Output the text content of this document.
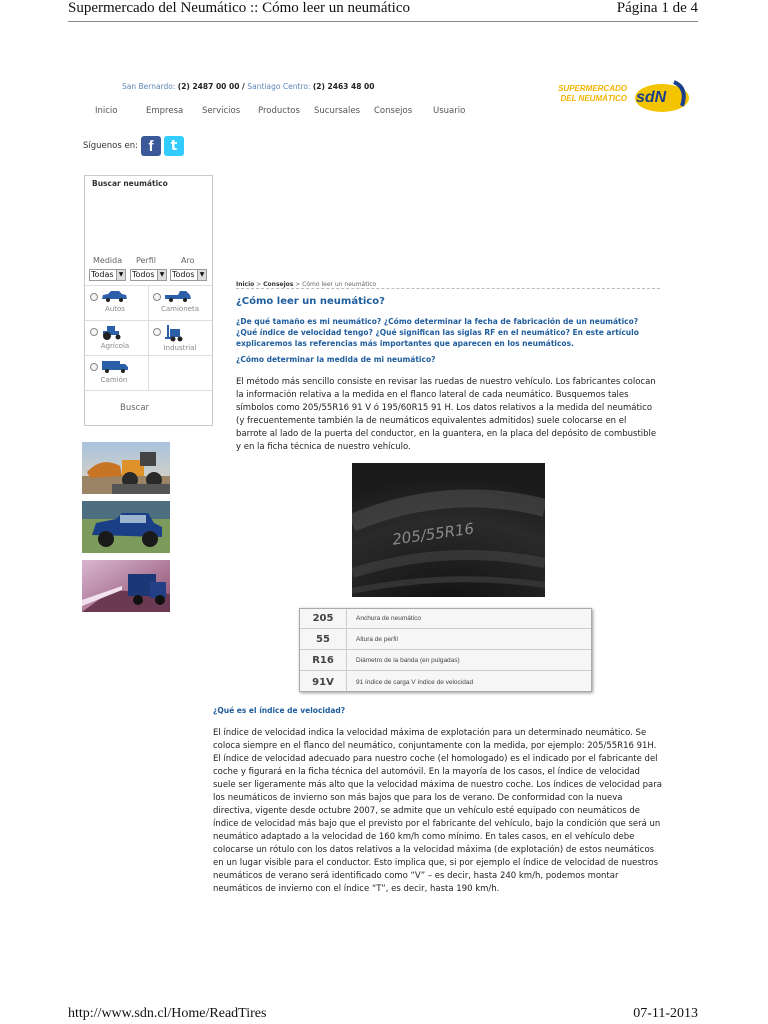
Supermercado del Neumático :: Cómo leer un neumático	Página 1 de 4
http://www.sdn.cl/Home/ReadTires	07-11-2013
San Bernardo: (2) 2487 00 00 / Santiago Centro: (2) 2463 48 00
Inicio	Empresa	Servicios	Productos	Sucursales	Consejos	Usuario
SUPERMERCADO
DEL NEUMÁTICO sdN
Síguenos en: f	t
Buscar neumático
Medida Perfil	Aro
Todas ▼ Todos ▼ Todos ▼
Autos	Camioneta
Agrícola	Industrial
Camión
Buscar
Inicio > Consejos > Cómo leer un neumático
¿Cómo leer un neumático?
¿De qué tamaño es mi neumático? ¿Cómo determinar la fecha de fabricación de un neumático? ¿Qué índice de velocidad tengo? ¿Qué significan las siglas RF en el neumático? En este artículo explicaremos las referencias más importantes que aparecen en los neumáticos.
¿Cómo determinar la medida de mi neumático?
El método más sencillo consiste en revisar las ruedas de nuestro vehículo. Los fabricantes colocan la información relativa a la medida en el flanco lateral de cada neumático. Busquemos tales símbolos como 205/55R16 91 V ó 195/60R15 91 H. Los datos relativos a la medida del neumático (y frecuentemente también la de neumáticos equivalentes admitidos) suele colocarse en el barrote al lado de la puerta del conductor, en la guantera, en la placa del depósito de combustible y en la ficha técnica de nuestro vehículo.
205/55R16
205	Anchura de neumático
55	Altura de perfil
R16	Diámetro de la banda (en pulgadas)
91V	91 índice de carga V índice de velocidad
¿Qué es el índice de velocidad?
El índice de velocidad indica la velocidad máxima de explotación para un determinado neumático. Se coloca siempre en el flanco del neumático, conjuntamente con la medida, por ejemplo: 205/55R16 91H. El índice de velocidad adecuado para nuestro coche (el homologado) es el indicado por el fabricante del coche y figurará en la ficha técnica del automóvil. En la mayoría de los casos, el índice de velocidad suele ser ligeramente más alto que la velocidad máxima de nuestro coche. Los índices de velocidad para los neumáticos de invierno son más bajos que para los de verano. De conformidad con la nueva directiva, vigente desde octubre 2007, se admite que un vehículo esté equipado con neumáticos de índice de velocidad más bajo que el previsto por el fabricante del vehículo, bajo la condición que será un neumático adaptado a la velocidad de 160 km/h como mínimo. En tales casos, en el vehículo debe colocarse un rótulo con los datos relativos a la velocidad máxima (de explotación) de estos neumáticos en un lugar visible para el conductor. Esto implica que, si por ejemplo el índice de velocidad de nuestros neumáticos de verano será identificado como “V” – es decir, hasta 240 km/h, podemos montar neumáticos de invierno con el índice “T”, es decir, hasta 190 km/h.
